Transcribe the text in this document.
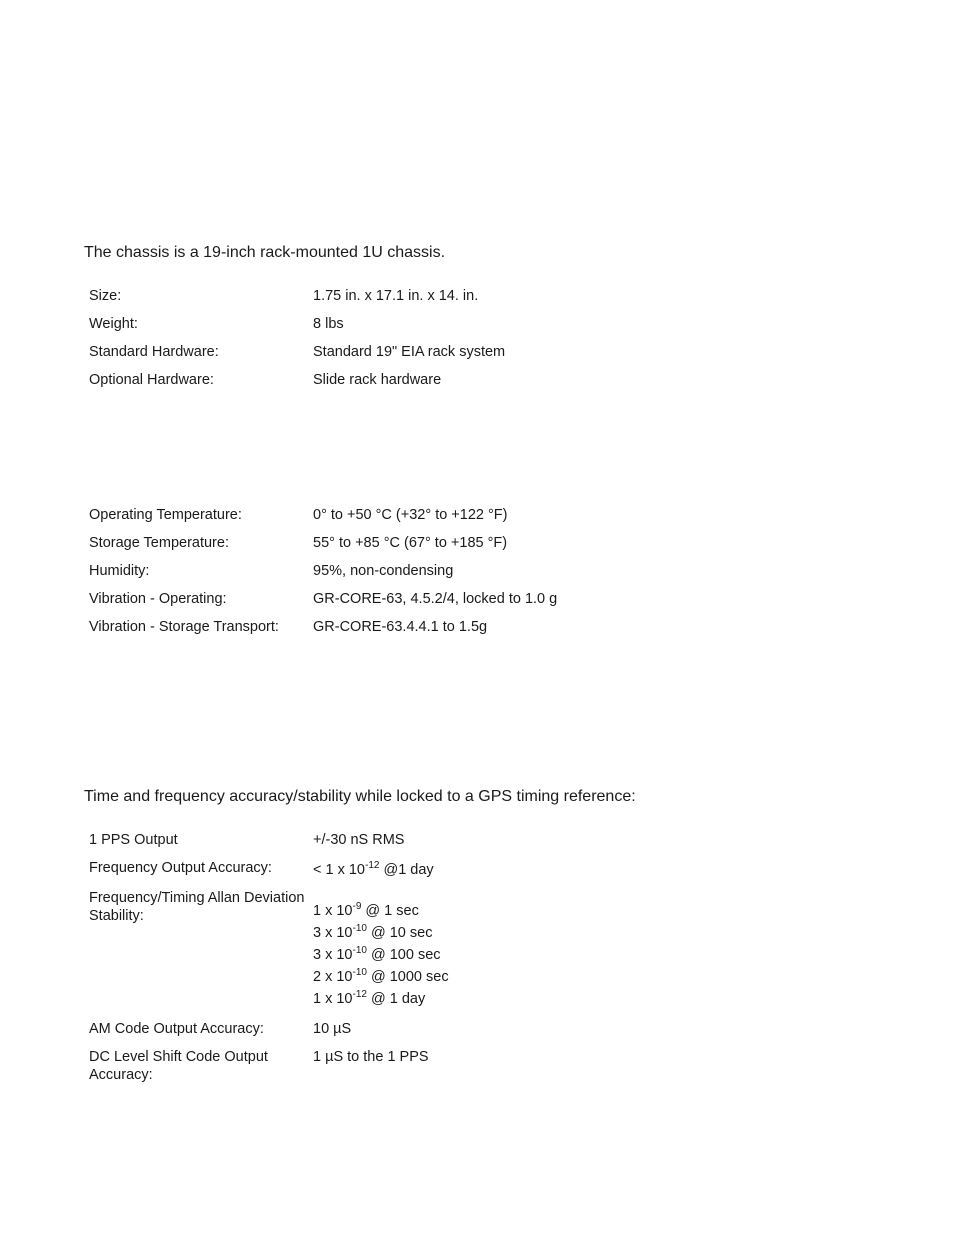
The chassis is a 19-inch rack-mounted 1U chassis.

Size:	1.75 in. x 17.1 in. x 14. in.
Weight:	8 lbs
Standard Hardware:	Standard 19" EIA rack system
Optional Hardware:	Slide rack hardware
Operating Temperature:	0° to +50 °C (+32° to +122 °F)
Storage Temperature:	55° to +85 °C (67° to +185 °F)
Humidity:	95%, non-condensing
Vibration - Operating:	GR-CORE-63, 4.5.2/4, locked to 1.0 g
Vibration - Storage Transport:	GR-CORE-63.4.4.1 to 1.5g

Time and frequency accuracy/stability while locked to a GPS timing reference:

1 PPS Output	+/-30 nS RMS
Frequency Output Accuracy:	< 1 x $10^{-12}$ @1 day
Frequency/Timing Allan Deviation Stability:	1 x $10^{-9}$ @ 1 sec
3 x $10^{-10}$ @ 10 sec
3 x $10^{-10}$ @ 100 sec
2 x $10^{-10}$ @ 1000 sec
1 x $10^{-12}$ @ 1 day
AM Code Output Accuracy:	10 µS
DC Level Shift Code Output Accuracy:
1 µS to the 1 PPS
